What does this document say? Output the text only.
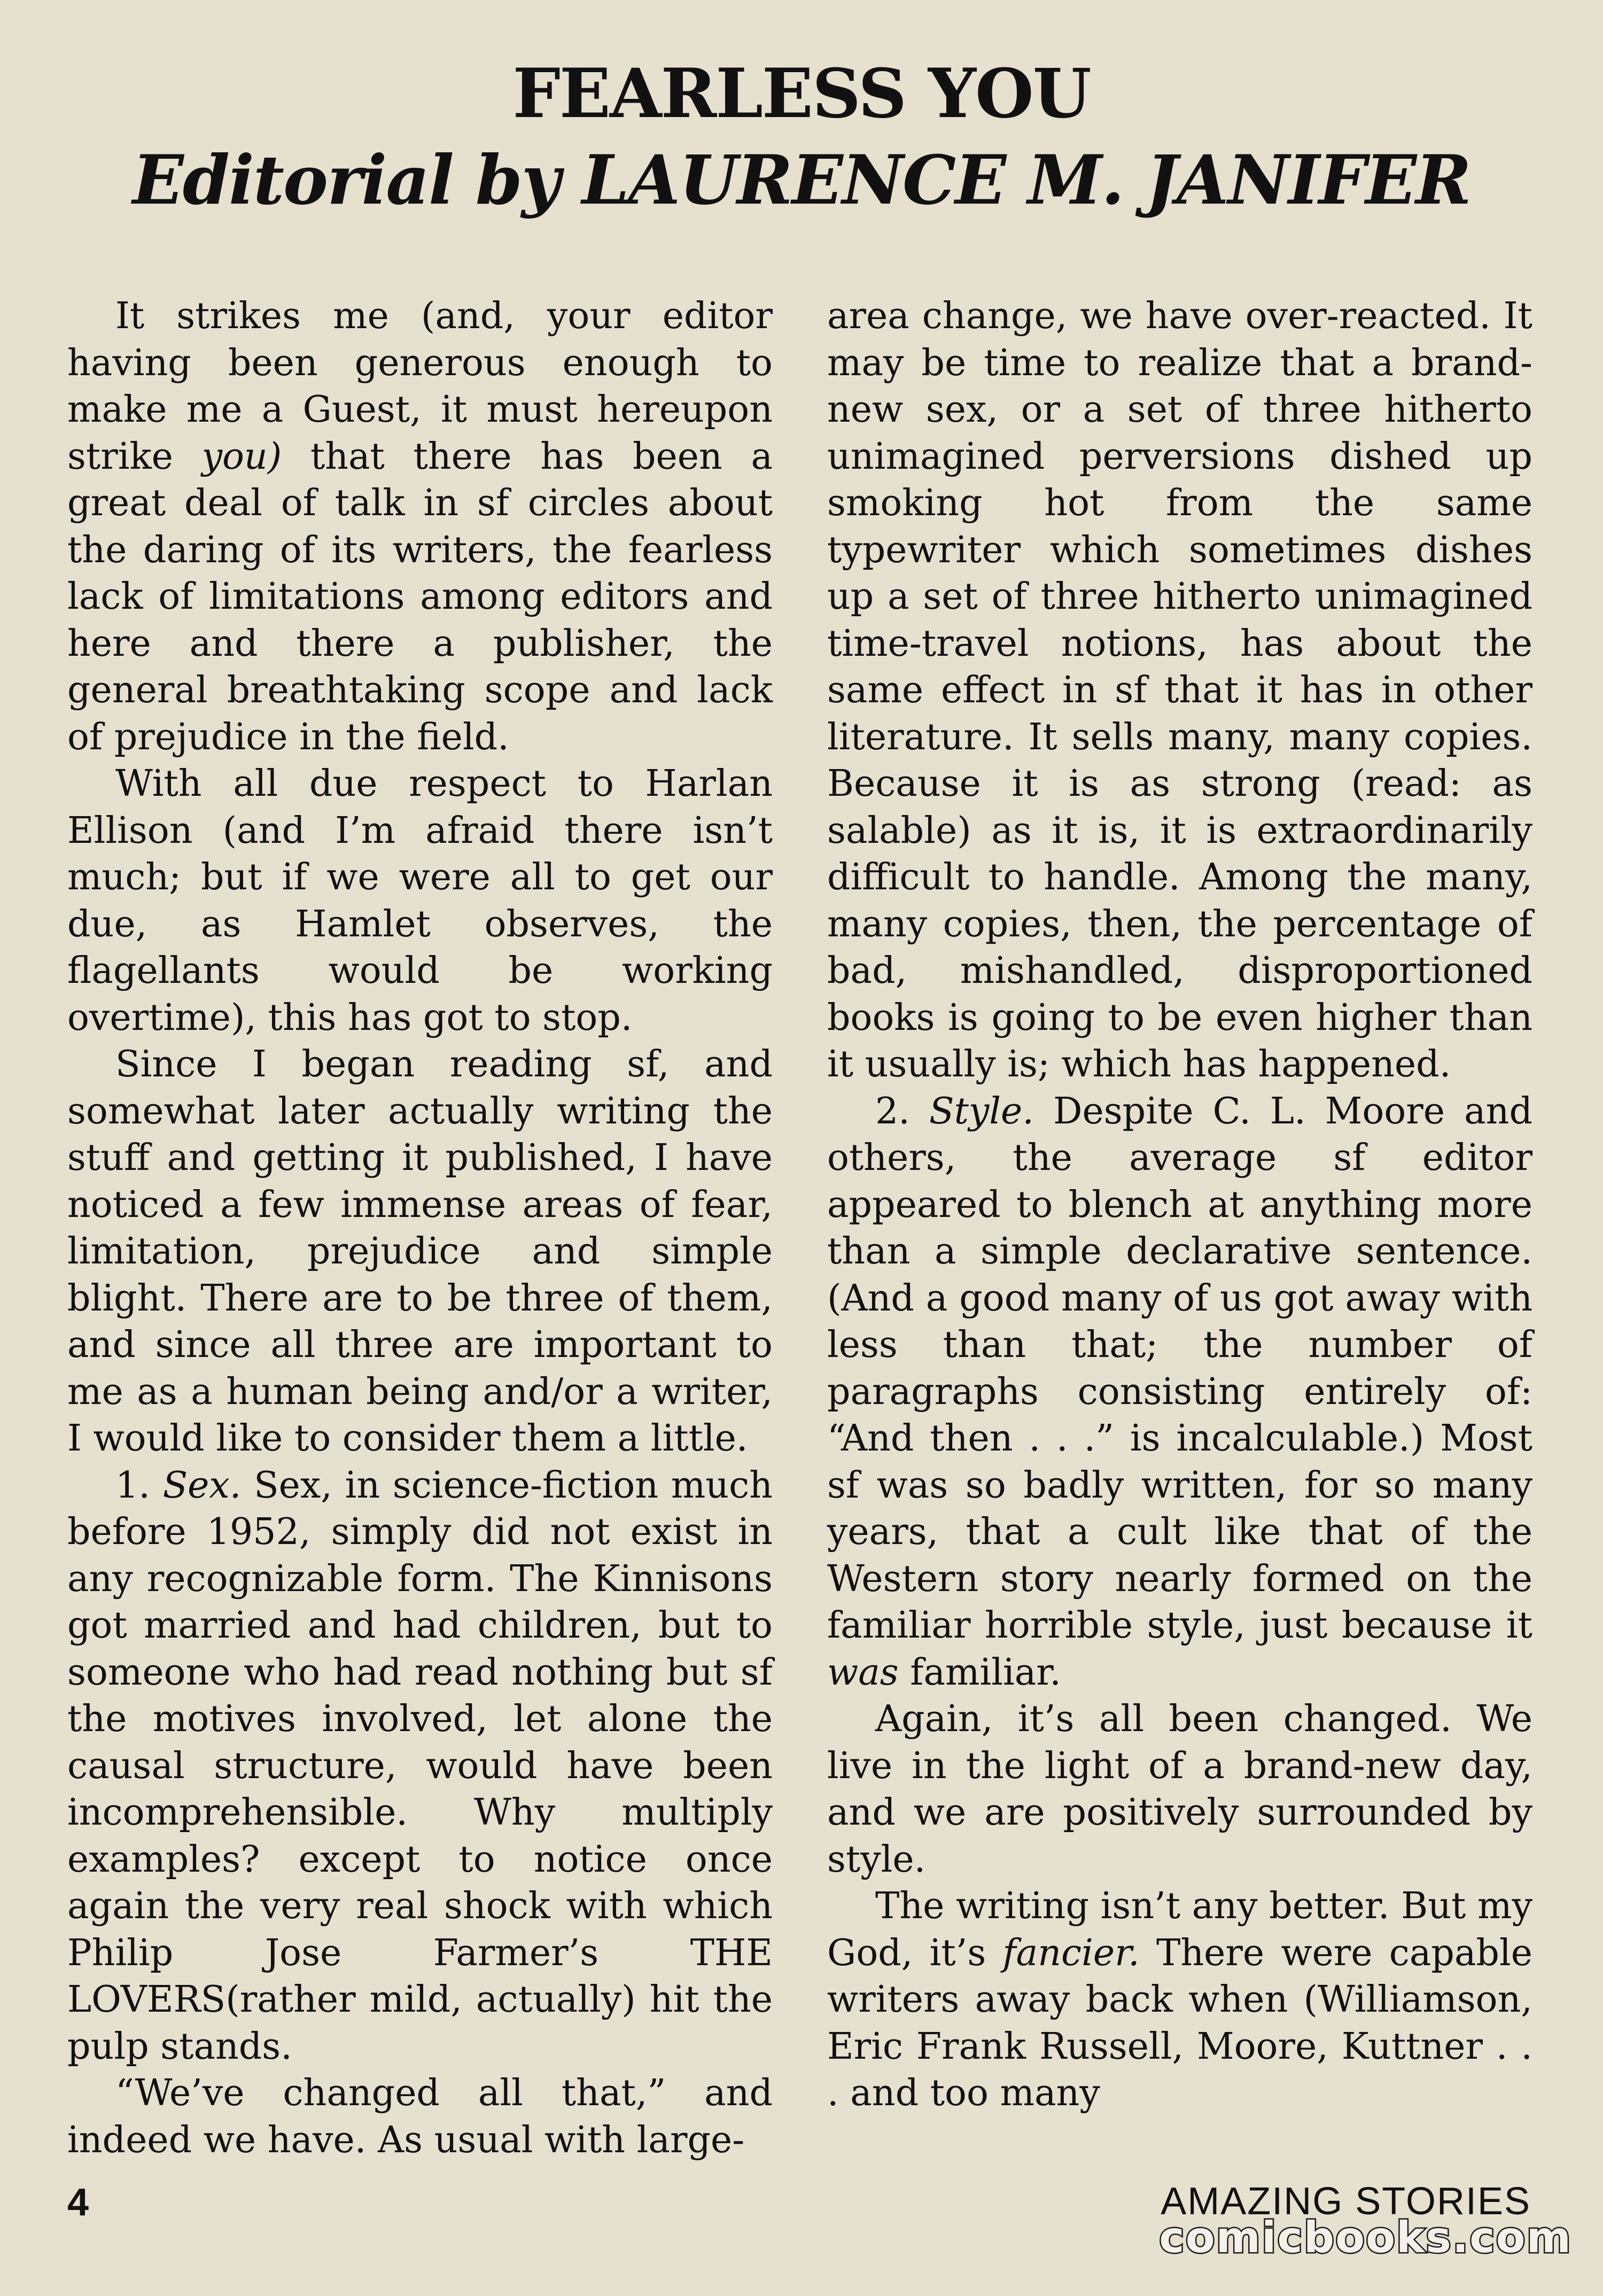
FEARLESS YOU
Editorial by LAURENCE M. JANIFER

It strikes me (and, your editor having been generous enough to make me a Guest, it must hereupon strike you) that there has been a great deal of talk in sf circles about the daring of its writers, the fearless lack of limitations among editors and here and there a publisher, the general breathtaking scope and lack of prejudice in the field.

With all due respect to Harlan Ellison (and I’m afraid there isn’t much; but if we were all to get our due, as Hamlet observes, the flagellants would be working overtime), this has got to stop.

Since I began reading sf, and somewhat later actually writing the stuff and getting it published, I have noticed a few immense areas of fear, limitation, prejudice and simple blight. There are to be three of them, and since all three are important to me as a human being and/or a writer, I would like to consider them a little.

1. Sex. Sex, in science-fiction much before 1952, simply did not exist in any recognizable form. The Kinnisons got married and had children, but to someone who had read nothing but sf the motives involved, let alone the causal structure, would have been incomprehensible. Why multiply examples? except to notice once again the very real shock with which Philip Jose Farmer’s THE LOVERS(rather mild, actually) hit the pulp stands.

“We’ve changed all that,” and indeed we have. As usual with large-

area change, we have over-reacted. It may be time to realize that a brand-new sex, or a set of three hitherto unimagined perversions dished up smoking hot from the same typewriter which sometimes dishes up a set of three hitherto unimagined time-travel notions, has about the same effect in sf that it has in other literature. It sells many, many copies. Because it is as strong (read: as salable) as it is, it is extraordinarily difficult to handle. Among the many, many copies, then, the percentage of bad, mishandled, disproportioned books is going to be even higher than it usually is; which has happened.

2. Style. Despite C. L. Moore and others, the average sf editor appeared to blench at anything more than a simple declarative sentence. (And a good many of us got away with less than that; the number of paragraphs consisting entirely of: “And then . . .” is incalculable.) Most sf was so badly written, for so many years, that a cult like that of the Western story nearly formed on the familiar horrible style, just because it was familiar.

Again, it’s all been changed. We live in the light of a brand-new day, and we are positively surrounded by style.

The writing isn’t any better. But my God, it’s fancier. There were capable writers away back when (Williamson, Eric Frank Russell, Moore, Kuttner . . . and too many

4	AMAZING STORIES
comicbooks.com
